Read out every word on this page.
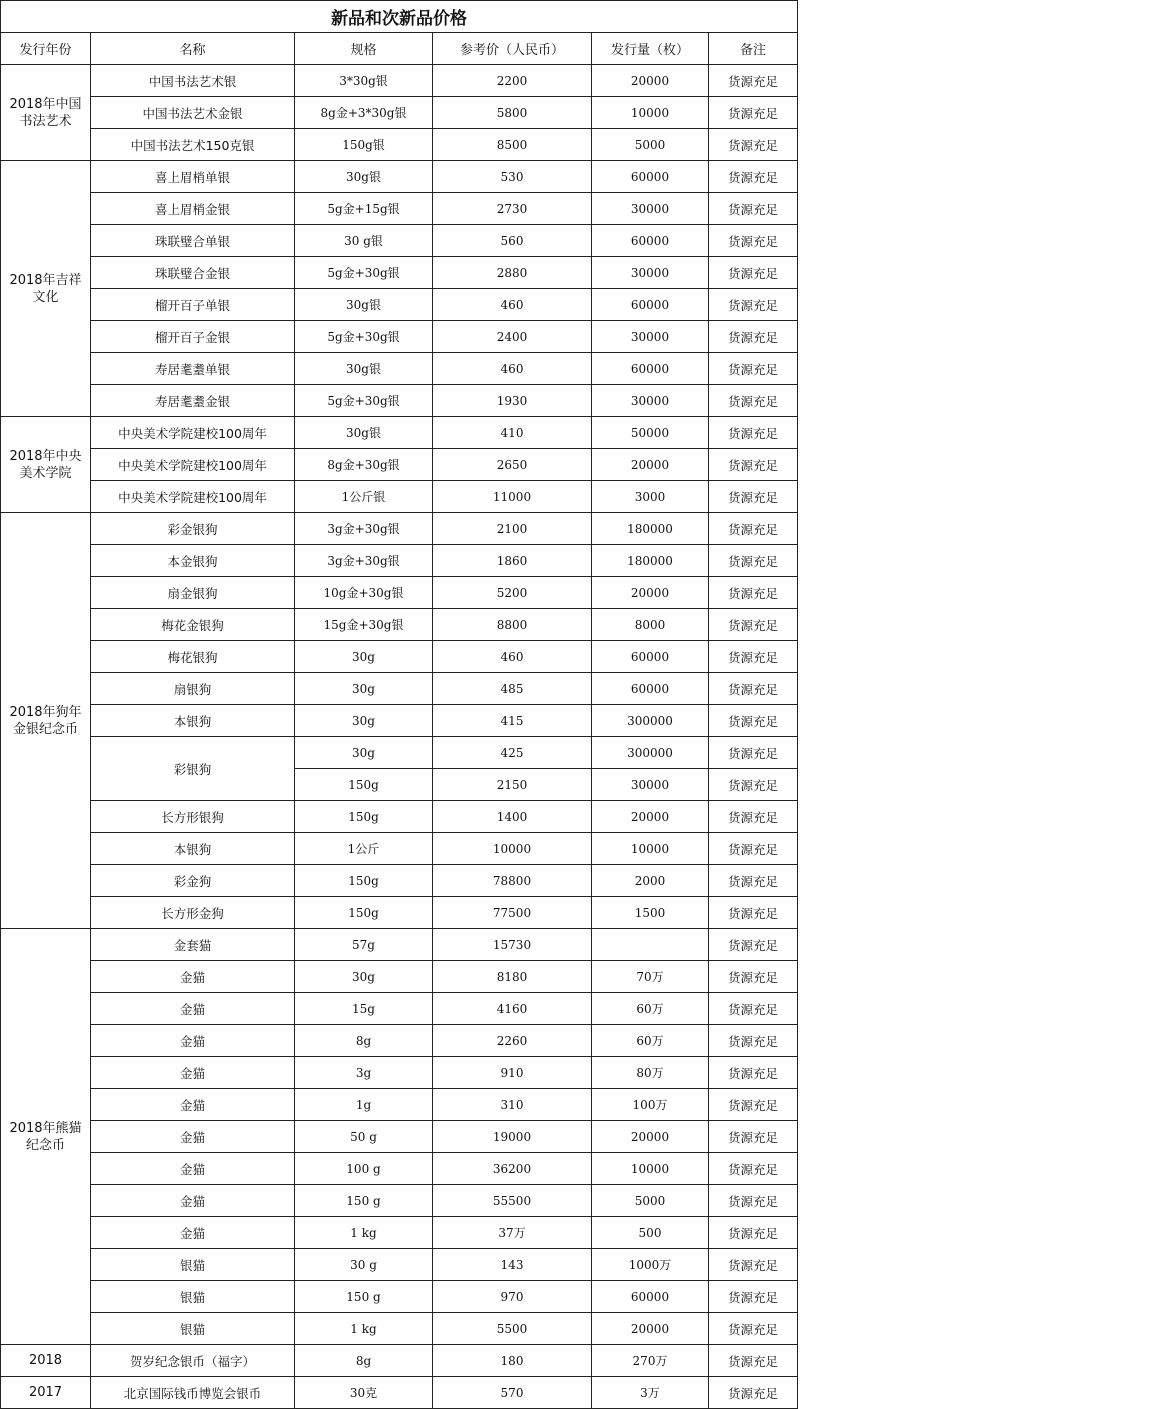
新品和次新品价格					
发行年份	名称	规格	参考价（人民币）	发行量（枚）	备注
2018年中国书法艺术	中国书法艺术银	3*30g银	2200	20000	货源充足
	中国书法艺术金银	8g金+3*30g银	5800	10000	货源充足
	中国书法艺术150克银	150g银	8500	5000	货源充足
2018年吉祥文化	喜上眉梢单银	30g银	530	60000	货源充足
	喜上眉梢金银	5g金+15g银	2730	30000	货源充足
	珠联璧合单银	30 g银	560	60000	货源充足
	珠联璧合金银	5g金+30g银	2880	30000	货源充足
	榴开百子单银	30g银	460	60000	货源充足
	榴开百子金银	5g金+30g银	2400	30000	货源充足
	寿居耄耋单银	30g银	460	60000	货源充足
	寿居耄耋金银	5g金+30g银	1930	30000	货源充足
2018年中央美术学院	中央美术学院建校100周年	30g银	410	50000	货源充足
	中央美术学院建校100周年	8g金+30g银	2650	20000	货源充足
	中央美术学院建校100周年	1公斤银	11000	3000	货源充足
2018年狗年金银纪念币	彩金银狗	3g金+30g银	2100	180000	货源充足
	本金银狗	3g金+30g银	1860	180000	货源充足
	扇金银狗	10g金+30g银	5200	20000	货源充足
	梅花金银狗	15g金+30g银	8800	8000	货源充足
	梅花银狗	30g	460	60000	货源充足
	扇银狗	30g	485	60000	货源充足
	本银狗	30g	415	300000	货源充足
	彩银狗	30g	425	300000	货源充足
		150g	2150	30000	货源充足
	长方形银狗	150g	1400	20000	货源充足
	本银狗	1公斤	10000	10000	货源充足
	彩金狗	150g	78800	2000	货源充足
	长方形金狗	150g	77500	1500	货源充足
2018年熊猫纪念币	金套猫	57g	15730		货源充足
	金猫	30g	8180	70万	货源充足
	金猫	15g	4160	60万	货源充足
	金猫	8g	2260	60万	货源充足
	金猫	3g	910	80万	货源充足
	金猫	1g	310	100万	货源充足
	金猫	50 g	19000	20000	货源充足
	金猫	100 g	36200	10000	货源充足
	金猫	150 g	55500	5000	货源充足
	金猫	1 kg	37万	500	货源充足
	银猫	30 g	143	1000万	货源充足
	银猫	150 g	970	60000	货源充足
	银猫	1 kg	5500	20000	货源充足
2018	贺岁纪念银币（福字）	8g	180	270万	货源充足
2017	北京国际钱币博览会银币	30克	570	3万	货源充足
